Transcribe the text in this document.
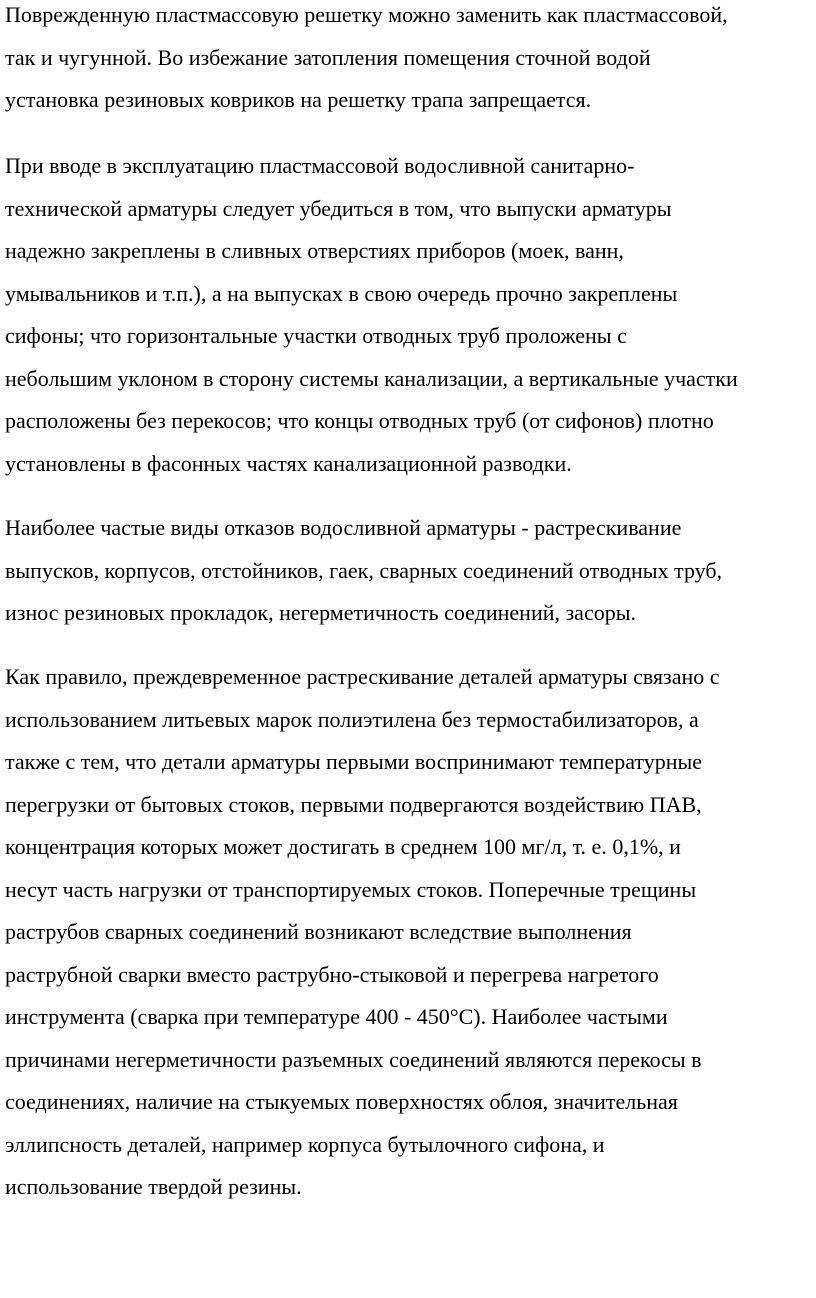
Поврежденную пластмассовую решетку можно заменить как пластмассовой,
так и чугунной. Во избежание затопления помещения сточной водой
установка резиновых ковриков на решетку трапа запрещается.

При вводе в эксплуатацию пластмассовой водосливной санитарно-
технической арматуры следует убедиться в том, что выпуски арматуры
надежно закреплены в сливных отверстиях приборов (моек, ванн,
умывальников и т.п.), а на выпусках в свою очередь прочно закреплены
сифоны; что горизонтальные участки отводных труб проложены с
небольшим уклоном в сторону системы канализации, а вертикальные участки
расположены без перекосов; что концы отводных труб (от сифонов) плотно
установлены в фасонных частях канализационной разводки.

Наиболее частые виды отказов водосливной арматуры - растрескивание
выпусков, корпусов, отстойников, гаек, сварных соединений отводных труб,
износ резиновых прокладок, негерметичность соединений, засоры.

Как правило, преждевременное растрескивание деталей арматуры связано с
использованием литьевых марок полиэтилена без термостабилизаторов, а
также с тем, что детали арматуры первыми воспринимают температурные
перегрузки от бытовых стоков, первыми подвергаются воздействию ПАВ,
концентрация которых может достигать в среднем 100 мг/л, т. е. 0,1%, и
несут часть нагрузки от транспортируемых стоков. Поперечные трещины
раструбов сварных соединений возникают вследствие выполнения
раструбной сварки вместо раструбно-стыковой и перегрева нагретого
инструмента (сварка при температуре 400 - 450°С). Наиболее частыми
причинами негерметичности разъемных соединений являются перекосы в
соединениях, наличие на стыкуемых поверхностях облоя, значительная
эллипсность деталей, например корпуса бутылочного сифона, и
использование твердой резины.
